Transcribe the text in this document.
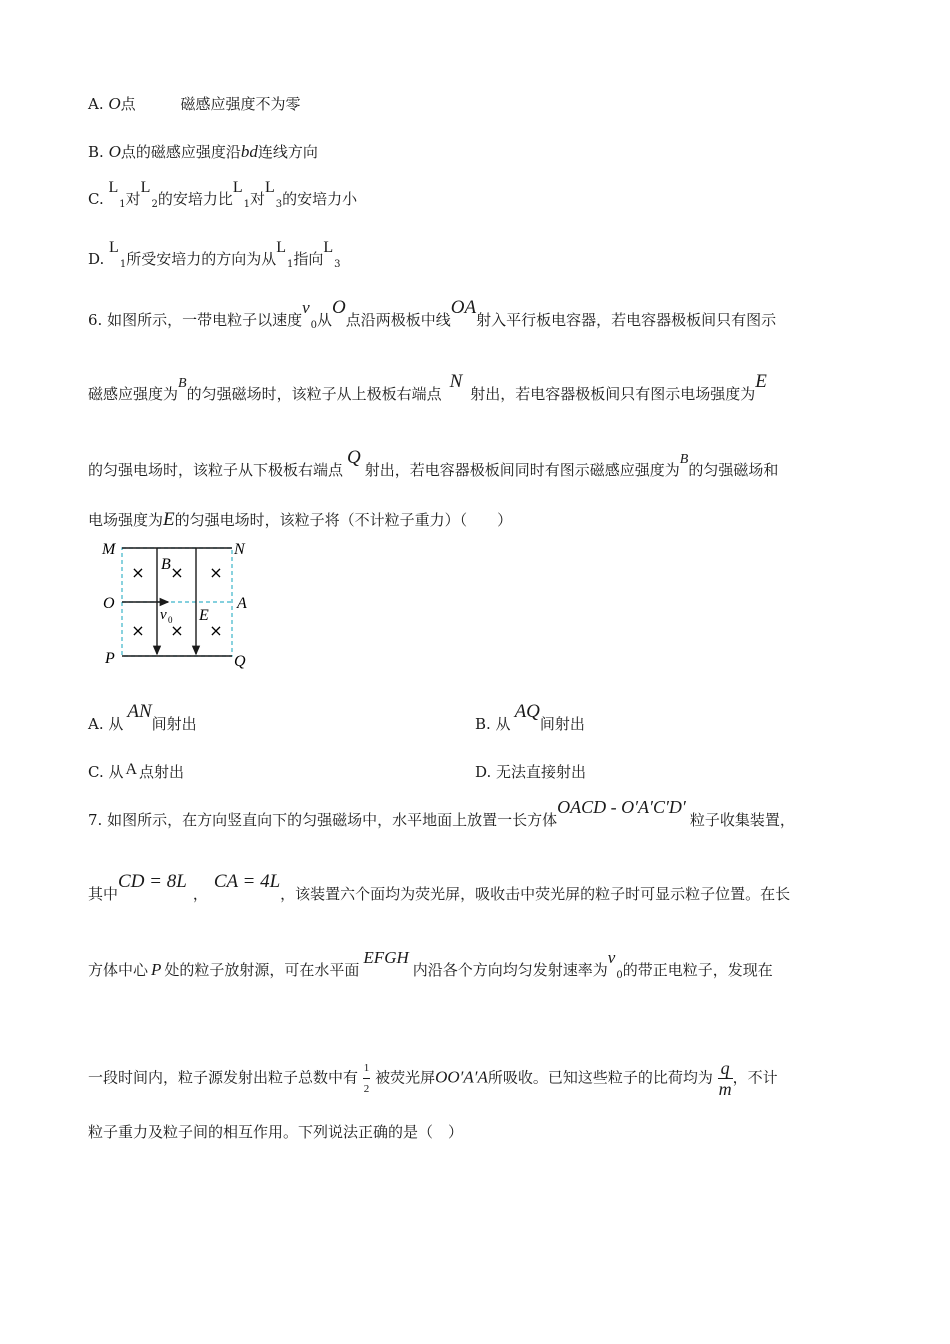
A. O点	磁感应强度不为零
B. O点的磁感应强度沿bd连线方向
C. $L_1$对$L_2$的安培力比$L_1$对$L_3$的安培力小
D. $L_1$所受安培力的方向为从$L_1$指向$L_3$
6. 如图所示，一带电粒子以速度$v_0$从O点沿两极板中线OA射入平行板电容器，若电容器极板间只有图示
磁感应强度为B的匀强磁场时，该粒子从上极板右端点N射出，若电容器极板间只有图示电场强度为E
的匀强电场时，该粒子从下极板右端点Q射出，若电容器极板间同时有图示磁感应强度为B的匀强磁场和
电场强度为E的匀强电场时，该粒子将（不计粒子重力）（　　）
× × ×
× × ×
M	N
O	A
P	Q
B
E
v 0
A. 从AN间射出	B. 从AQ间射出
C. 从 A 点射出	D. 无法直接射出
7. 如图所示，在方向竖直向下的匀强磁场中，水平地面上放置一长方体OACD - O′A′C′D′粒子收集装置，
其中CD = 8L，CA = 4L，该装置六个面均为荧光屏，吸收击中荧光屏的粒子时可显示粒子位置。在长
方体中心 P 处的粒子放射源，可在水平面EFGH内沿各个方向均匀发射速率为$v_0$的带正电粒子，发现在
一段时间内，粒子源发射出粒子总数中有 $\frac{1}{2}$ 被荧光屏OO′A′A所吸收。已知这些粒子的比荷均为 $\frac{q}{m}$ ，不计
粒子重力及粒子间的相互作用。下列说法正确的是（　）
